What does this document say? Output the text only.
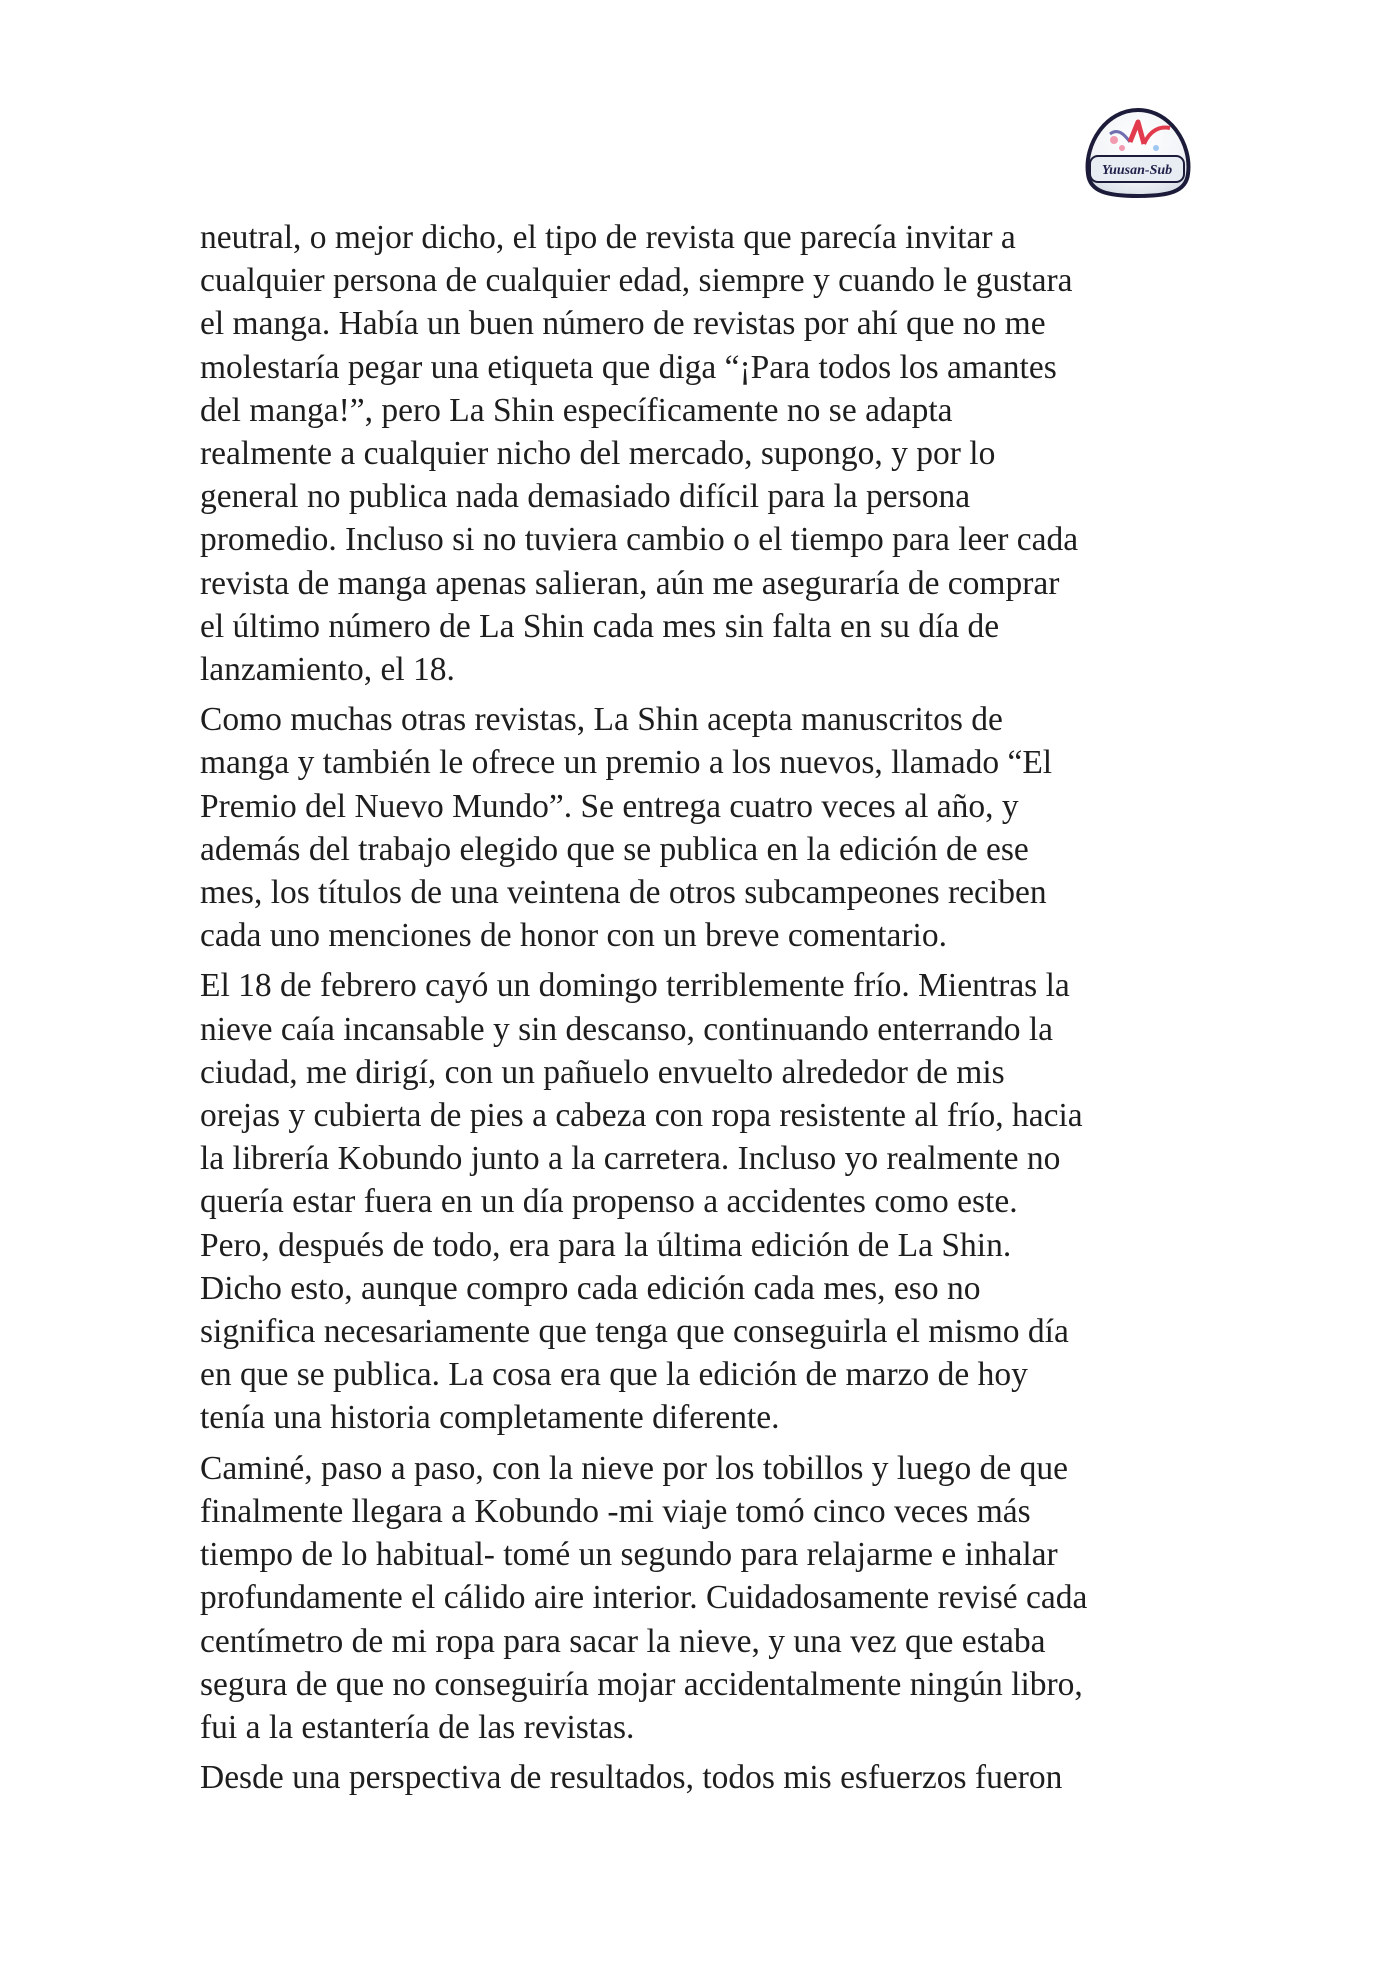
Yuusan-Sub

neutral, o mejor dicho, el tipo de revista que parecía invitar a
cualquier persona de cualquier edad, siempre y cuando le gustara
el manga. Había un buen número de revistas por ahí que no me
molestaría pegar una etiqueta que diga “¡Para todos los amantes
del manga!”, pero La Shin específicamente no se adapta
realmente a cualquier nicho del mercado, supongo, y por lo
general no publica nada demasiado difícil para la persona
promedio. Incluso si no tuviera cambio o el tiempo para leer cada
revista de manga apenas salieran, aún me aseguraría de comprar
el último número de La Shin cada mes sin falta en su día de
lanzamiento, el 18.

Como muchas otras revistas, La Shin acepta manuscritos de
manga y también le ofrece un premio a los nuevos, llamado “El
Premio del Nuevo Mundo”. Se entrega cuatro veces al año, y
además del trabajo elegido que se publica en la edición de ese
mes, los títulos de una veintena de otros subcampeones reciben
cada uno menciones de honor con un breve comentario.

El 18 de febrero cayó un domingo terriblemente frío. Mientras la
nieve caía incansable y sin descanso, continuando enterrando la
ciudad, me dirigí, con un pañuelo envuelto alrededor de mis
orejas y cubierta de pies a cabeza con ropa resistente al frío, hacia
la librería Kobundo junto a la carretera. Incluso yo realmente no
quería estar fuera en un día propenso a accidentes como este.
Pero, después de todo, era para la última edición de La Shin.
Dicho esto, aunque compro cada edición cada mes, eso no
significa necesariamente que tenga que conseguirla el mismo día
en que se publica. La cosa era que la edición de marzo de hoy
tenía una historia completamente diferente.

Caminé, paso a paso, con la nieve por los tobillos y luego de que
finalmente llegara a Kobundo -mi viaje tomó cinco veces más
tiempo de lo habitual- tomé un segundo para relajarme e inhalar
profundamente el cálido aire interior. Cuidadosamente revisé cada
centímetro de mi ropa para sacar la nieve, y una vez que estaba
segura de que no conseguiría mojar accidentalmente ningún libro,
fui a la estantería de las revistas.

Desde una perspectiva de resultados, todos mis esfuerzos fueron
